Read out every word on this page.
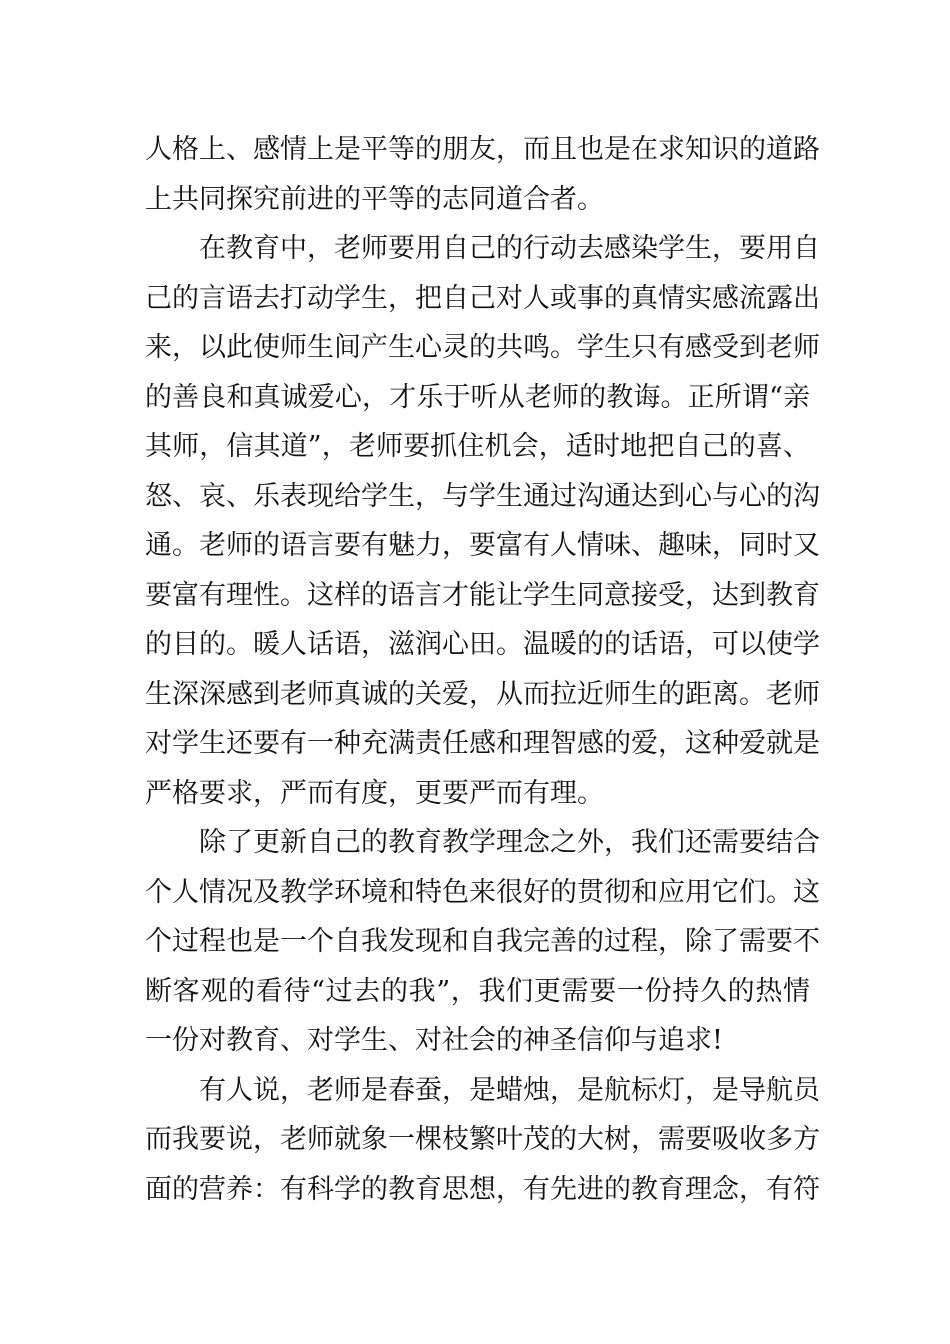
人格上、感情上是平等的朋友，而且也是在求知识的道路
上共同探究前进的平等的志同道合者。
在教育中，老师要用自己的行动去感染学生，要用自
己的言语去打动学生，把自己对人或事的真情实感流露出
来，以此使师生间产生心灵的共鸣。学生只有感受到老师
的善良和真诚爱心，才乐于听从老师的教诲。正所谓“亲
其师，信其道”，老师要抓住机会，适时地把自己的喜、
怒、哀、乐表现给学生，与学生通过沟通达到心与心的沟
通。老师的语言要有魅力，要富有人情味、趣味，同时又
要富有理性。这样的语言才能让学生同意接受，达到教育
的目的。暖人话语，滋润心田。温暖的的话语，可以使学
生深深感到老师真诚的关爱，从而拉近师生的距离。老师
对学生还要有一种充满责任感和理智感的爱，这种爱就是
严格要求，严而有度，更要严而有理。
除了更新自己的教育教学理念之外，我们还需要结合
个人情况及教学环境和特色来很好的贯彻和应用它们。这
个过程也是一个自我发现和自我完善的过程，除了需要不
断客观的看待“过去的我”，我们更需要一份持久的热情
一份对教育、对学生、对社会的神圣信仰与追求!
有人说，老师是春蚕，是蜡烛，是航标灯，是导航员
而我要说，老师就象一棵枝繁叶茂的大树，需要吸收多方
面的营养：有科学的教育思想，有先进的教育理念，有符
